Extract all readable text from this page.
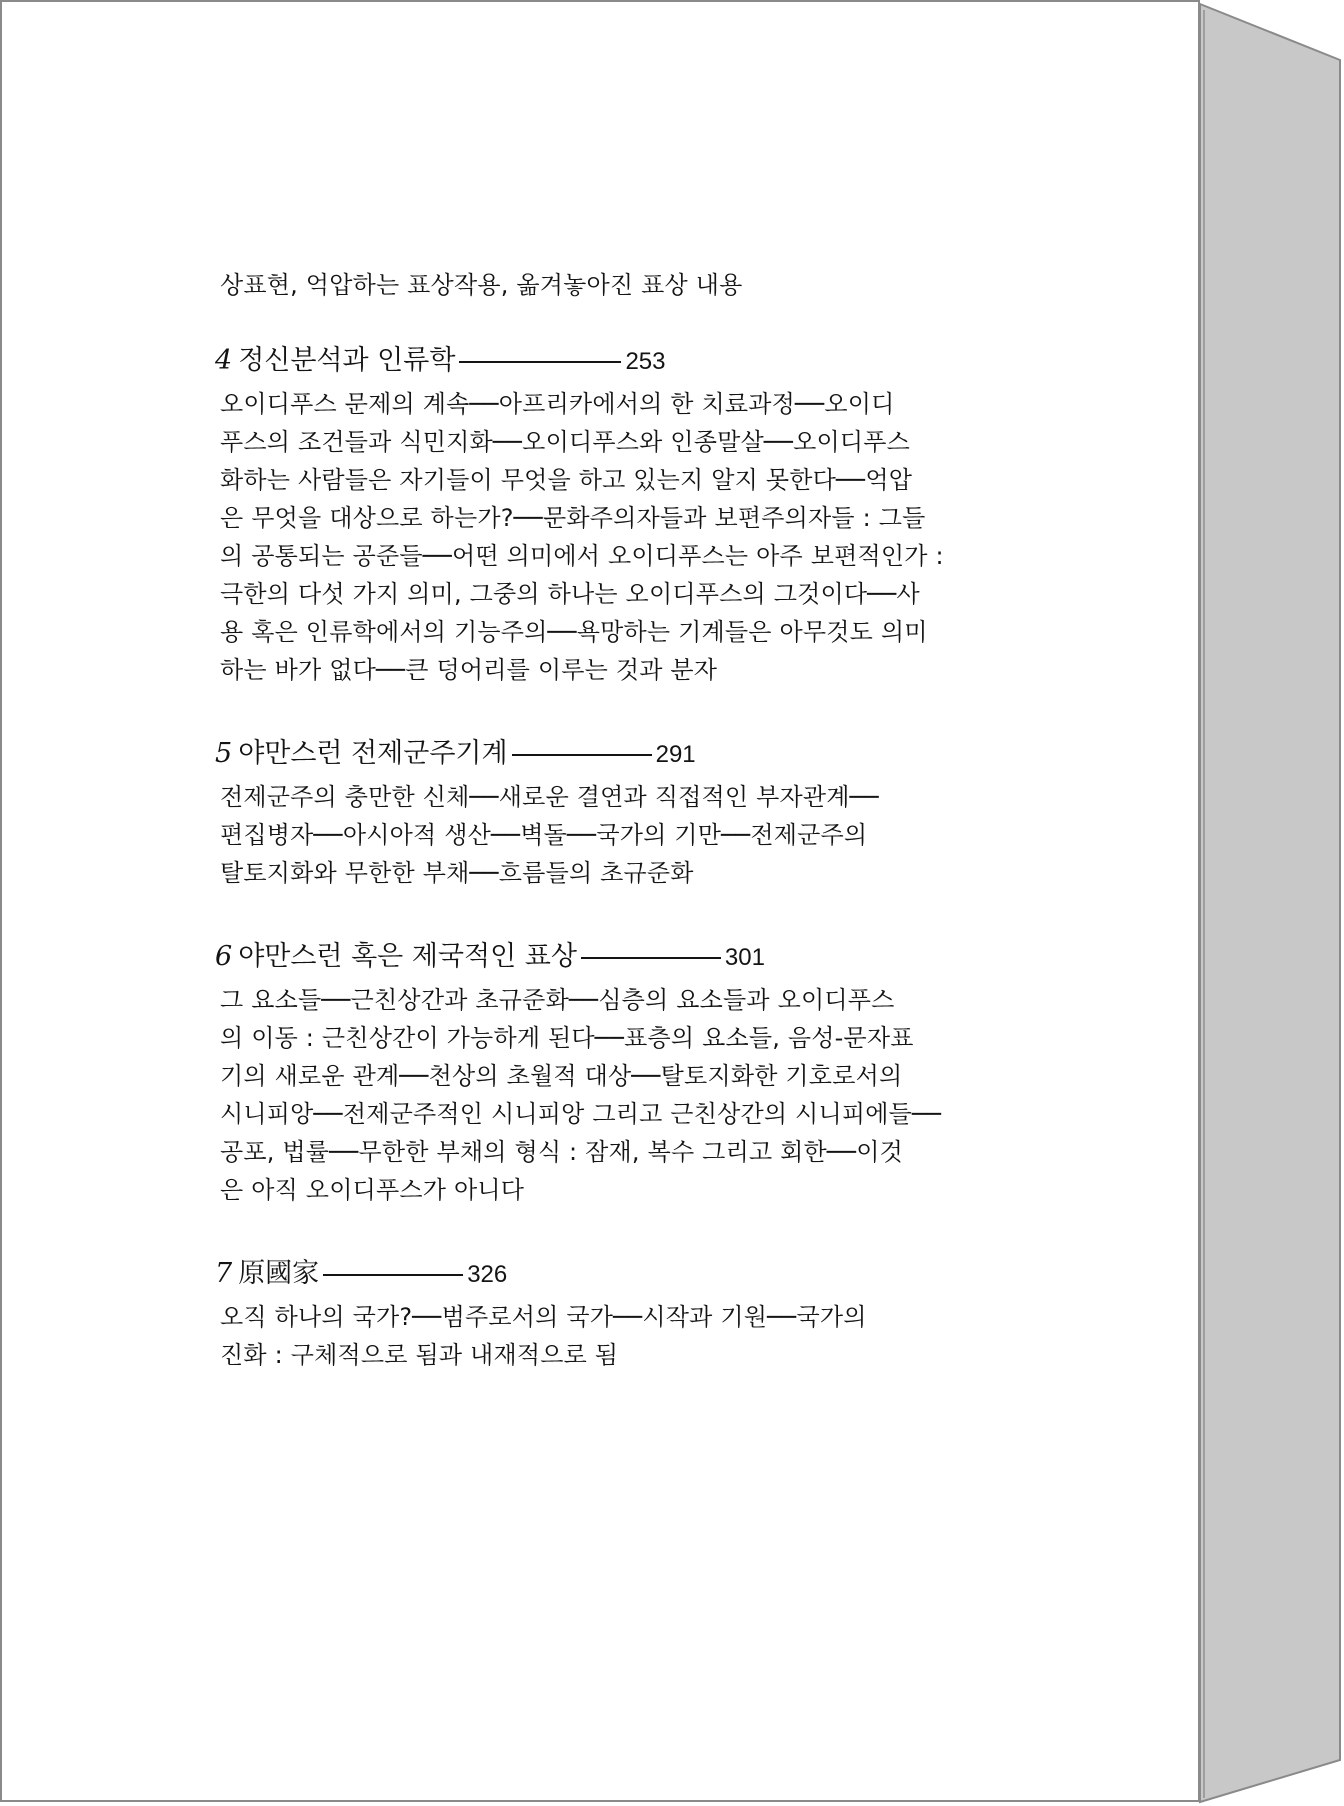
상표현, 억압하는 표상작용, 옮겨놓아진 표상 내용
4 정신분석과 인류학	253
오이디푸스 문제의 계속──아프리카에서의 한 치료과정──오이디
푸스의 조건들과 식민지화──오이디푸스와 인종말살──오이디푸스
화하는 사람들은 자기들이 무엇을 하고 있는지 알지 못한다──억압
은 무엇을 대상으로 하는가?──문화주의자들과 보편주의자들 : 그들
의 공통되는 공준들──어떤 의미에서 오이디푸스는 아주 보편적인가 :
극한의 다섯 가지 의미, 그중의 하나는 오이디푸스의 그것이다──사
용 혹은 인류학에서의 기능주의──욕망하는 기계들은 아무것도 의미
하는 바가 없다──큰 덩어리를 이루는 것과 분자
5 야만스런 전제군주기계	291
전제군주의 충만한 신체──새로운 결연과 직접적인 부자관계──
편집병자──아시아적 생산──벽돌──국가의 기만──전제군주의
탈토지화와 무한한 부채──흐름들의 초규준화
6 야만스런 혹은 제국적인 표상	301
그 요소들──근친상간과 초규준화──심층의 요소들과 오이디푸스
의 이동 : 근친상간이 가능하게 된다──표층의 요소들, 음성-문자표
기의 새로운 관계──천상의 초월적 대상──탈토지화한 기호로서의
시니피앙──전제군주적인 시니피앙 그리고 근친상간의 시니피에들──
공포, 법률──무한한 부채의 형식 : 잠재, 복수 그리고 회한──이것
은 아직 오이디푸스가 아니다
7 原國家	326
오직 하나의 국가?──범주로서의 국가──시작과 기원──국가의
진화 : 구체적으로 됨과 내재적으로 됨
